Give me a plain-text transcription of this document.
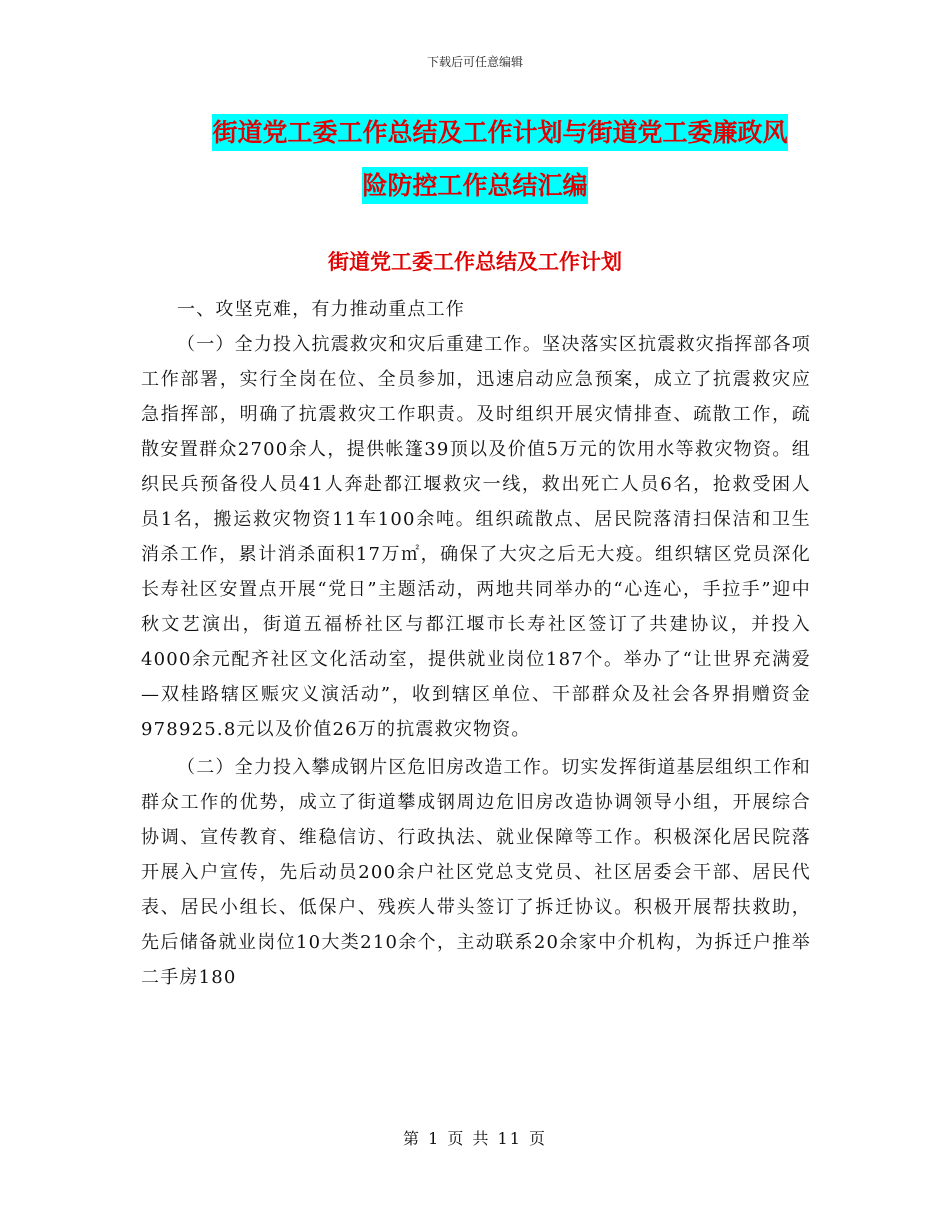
下载后可任意编辑
街道党工委工作总结及工作计划与街道党工委廉政风
险防控工作总结汇编
街道党工委工作总结及工作计划

一、攻坚克难，有力推动重点工作

（一）全力投入抗震救灾和灾后重建工作。坚决落实区抗震救灾指挥部各项工作部署，实行全岗在位、全员参加，迅速启动应急预案，成立了抗震救灾应急指挥部，明确了抗震救灾工作职责。及时组织开展灾情排查、疏散工作，疏散安置群众2700余人，提供帐篷39顶以及价值5万元的饮用水等救灾物资。组织民兵预备役人员41人奔赴都江堰救灾一线，救出死亡人员6名，抢救受困人员1名，搬运救灾物资11车100余吨。组织疏散点、居民院落清扫保洁和卫生消杀工作，累计消杀面积17万㎡，确保了大灾之后无大疫。组织辖区党员深化长寿社区安置点开展“党日”主题活动，两地共同举办的“心连心，手拉手”迎中秋文艺演出，街道五福桥社区与都江堰市长寿社区签订了共建协议，并投入4000余元配齐社区文化活动室，提供就业岗位187个。举办了“让世界充满爱—双桂路辖区赈灾义演活动”，收到辖区单位、干部群众及社会各界捐赠资金978925.8元以及价值26万的抗震救灾物资。

（二）全力投入攀成钢片区危旧房改造工作。切实发挥街道基层组织工作和群众工作的优势，成立了街道攀成钢周边危旧房改造协调领导小组，开展综合协调、宣传教育、维稳信访、行政执法、就业保障等工作。积极深化居民院落开展入户宣传，先后动员200余户社区党总支党员、社区居委会干部、居民代表、居民小组长、低保户、残疾人带头签订了拆迁协议。积极开展帮扶救助，先后储备就业岗位10大类210余个，主动联系20余家中介机构，为拆迁户推举二手房180

第 1 页 共 11 页
